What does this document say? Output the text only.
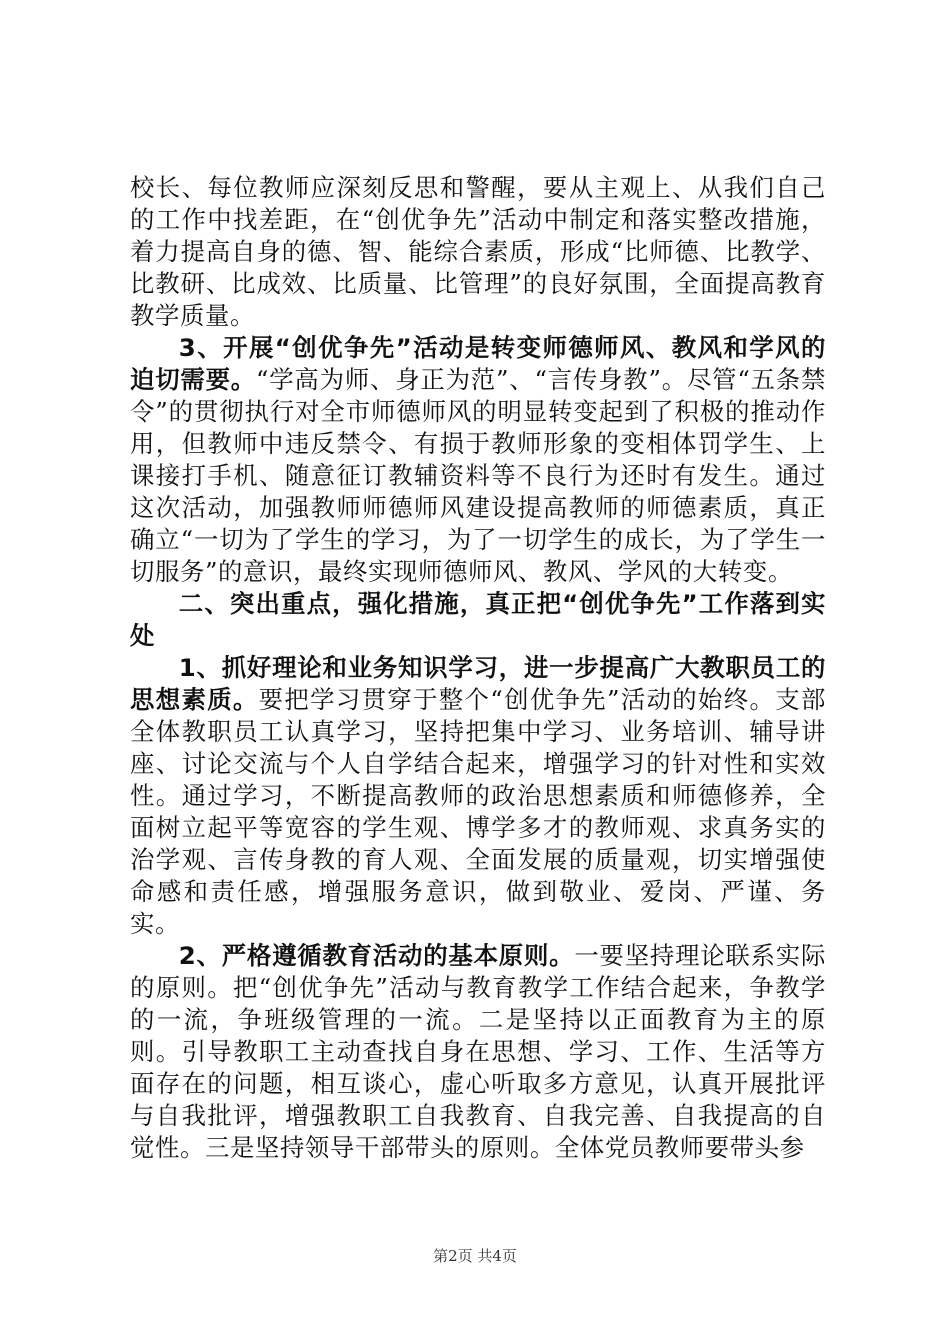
校长、每位教师应深刻反思和警醒，要从主观上、从我们自己的工作中找差距，在“创优争先”活动中制定和落实整改措施，着力提高自身的德、智、能综合素质，形成“比师德、比教学、比教研、比成效、比质量、比管理”的良好氛围，全面提高教育教学质量。

3、开展“创优争先”活动是转变师德师风、教风和学风的迫切需要。“学高为师、身正为范”、“言传身教”。尽管“五条禁令”的贯彻执行对全市师德师风的明显转变起到了积极的推动作用，但教师中违反禁令、有损于教师形象的变相体罚学生、上课接打手机、随意征订教辅资料等不良行为还时有发生。通过这次活动，加强教师师德师风建设提高教师的师德素质，真正确立“一切为了学生的学习，为了一切学生的成长，为了学生一切服务”的意识，最终实现师德师风、教风、学风的大转变。

二、突出重点，强化措施，真正把“创优争先”工作落到实处

1、抓好理论和业务知识学习，进一步提高广大教职员工的思想素质。要把学习贯穿于整个“创优争先”活动的始终。支部全体教职员工认真学习，坚持把集中学习、业务培训、辅导讲座、讨论交流与个人自学结合起来，增强学习的针对性和实效性。通过学习，不断提高教师的政治思想素质和师德修养，全面树立起平等宽容的学生观、博学多才的教师观、求真务实的治学观、言传身教的育人观、全面发展的质量观，切实增强使命感和责任感，增强服务意识，做到敬业、爱岗、严谨、务实。

2、严格遵循教育活动的基本原则。一要坚持理论联系实际的原则。把“创优争先”活动与教育教学工作结合起来，争教学的一流，争班级管理的一流。二是坚持以正面教育为主的原则。引导教职工主动查找自身在思想、学习、工作、生活等方面存在的问题，相互谈心，虚心听取多方意见，认真开展批评与自我批评，增强教职工自我教育、自我完善、自我提高的自觉性。三是坚持领导干部带头的原则。全体党员教师要带头参

第2页 共4页
